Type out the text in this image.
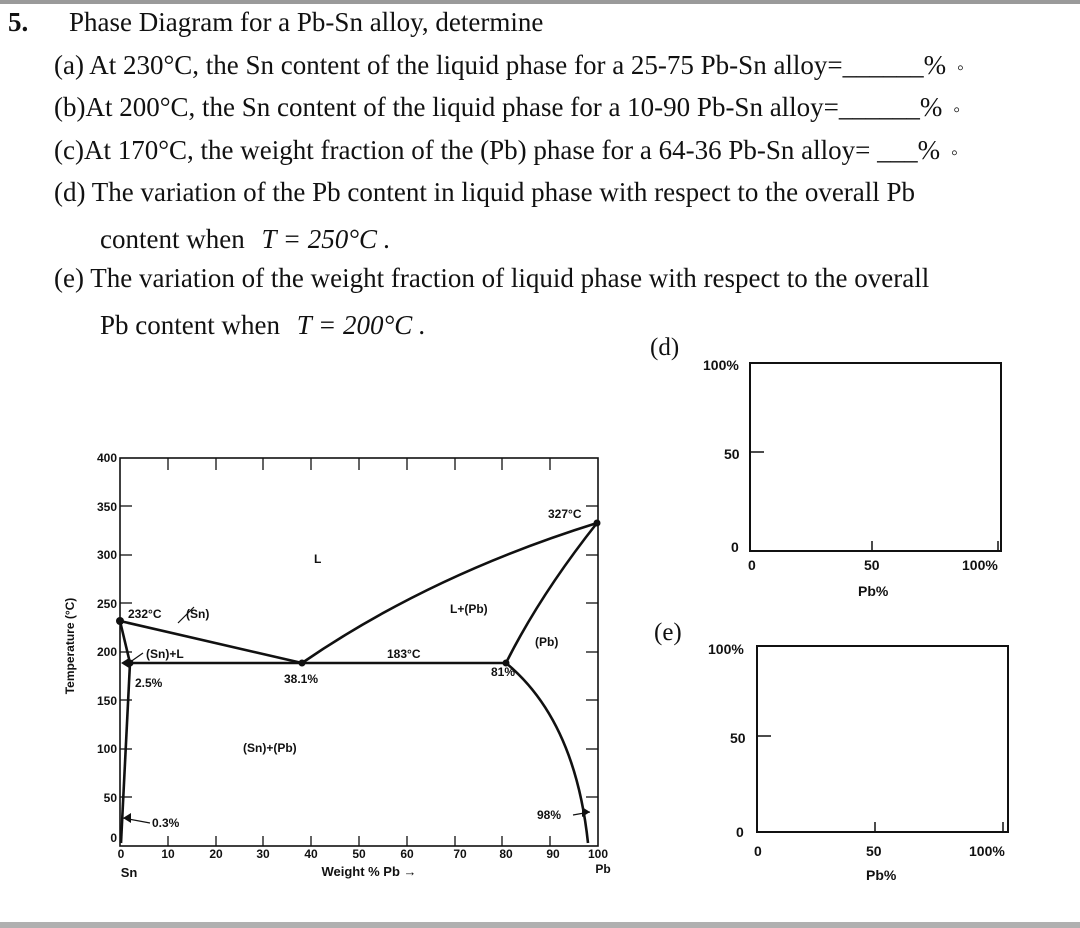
5. Phase Diagram for a Pb-Sn alloy, determine
(a) At 230°C, the Sn content of the liquid phase for a 25-75 Pb-Sn alloy=______% ◦
(b)At 200°C, the Sn content of the liquid phase for a 10-90 Pb-Sn alloy=______% ◦
(c)At 170°C, the weight fraction of the (Pb) phase for a 64-36 Pb-Sn alloy= ___% ◦
(d) The variation of the Pb content in liquid phase with respect to the overall Pb
content when T = 250°C .
(e) The variation of the weight fraction of liquid phase with respect to the overall
Pb content when T = 200°C .
400
350
300
250
200
150
100
50
0
0	10	20	30	40	50	60	70	80	90 100
Temperature (°C)
Weight % Pb →
Sn	Pb
L
L+(Pb)
(Pb)
232°C (Sn)
(Sn)+L
2.5%	38.1%
183°C
81%
327°C
(Sn)+(Pb)
0.3%
98%
100%
50
0
0	50	100%
Pb%
100%
50
0
0	50	100%
Pb%
(d)
(e)
